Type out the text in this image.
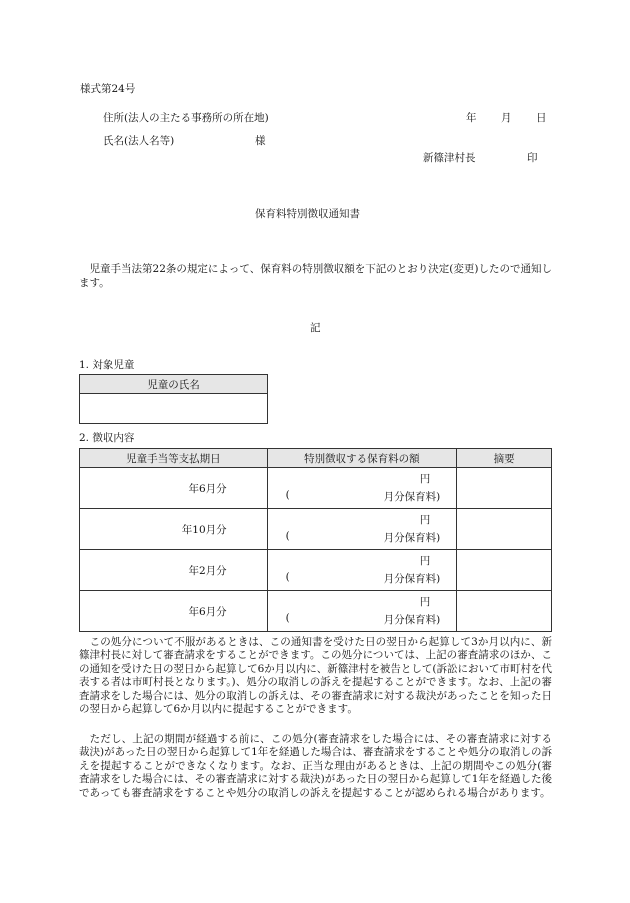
様式第24号
住所(法人の主たる事務所の所在地)	年 月 日
氏名(法人名等)	様
新篠津村長	印
保育料特別徴収通知書
　児童手当法第22条の規定によって、保育料の特別徴収額を下記のとおり決定(変更)したので通知します。
記
1. 対象児童
児童の氏名

2. 徴収内容
児童手当等支払期日	特別徴収する保育料の額	摘要
年6月分	円
( 月分保育料)	

年10月分	円
( 月分保育料)	

年2月分	円
( 月分保育料)	

年6月分	円
( 月分保育料)	

　この処分について不服があるときは、この通知書を受けた日の翌日から起算して3か月以内に、新篠津村長に対して審査請求をすることができます。この処分については、上記の審査請求のほか、この通知を受けた日の翌日から起算して6か月以内に、新篠津村を被告として(訴訟において市町村を代表する者は市町村長となります。)、処分の取消しの訴えを提起することができます。なお、上記の審査請求をした場合には、処分の取消しの訴えは、その審査請求に対する裁決があったことを知った日の翌日から起算して6か月以内に提起することができます。
　ただし、上記の期間が経過する前に、この処分(審査請求をした場合には、その審査請求に対する裁決)があった日の翌日から起算して1年を経過した場合は、審査請求をすることや処分の取消しの訴えを提起することができなくなります。なお、正当な理由があるときは、上記の期間やこの処分(審査請求をした場合には、その審査請求に対する裁決)があった日の翌日から起算して1年を経過した後であっても審査請求をすることや処分の取消しの訴えを提起することが認められる場合があります。
